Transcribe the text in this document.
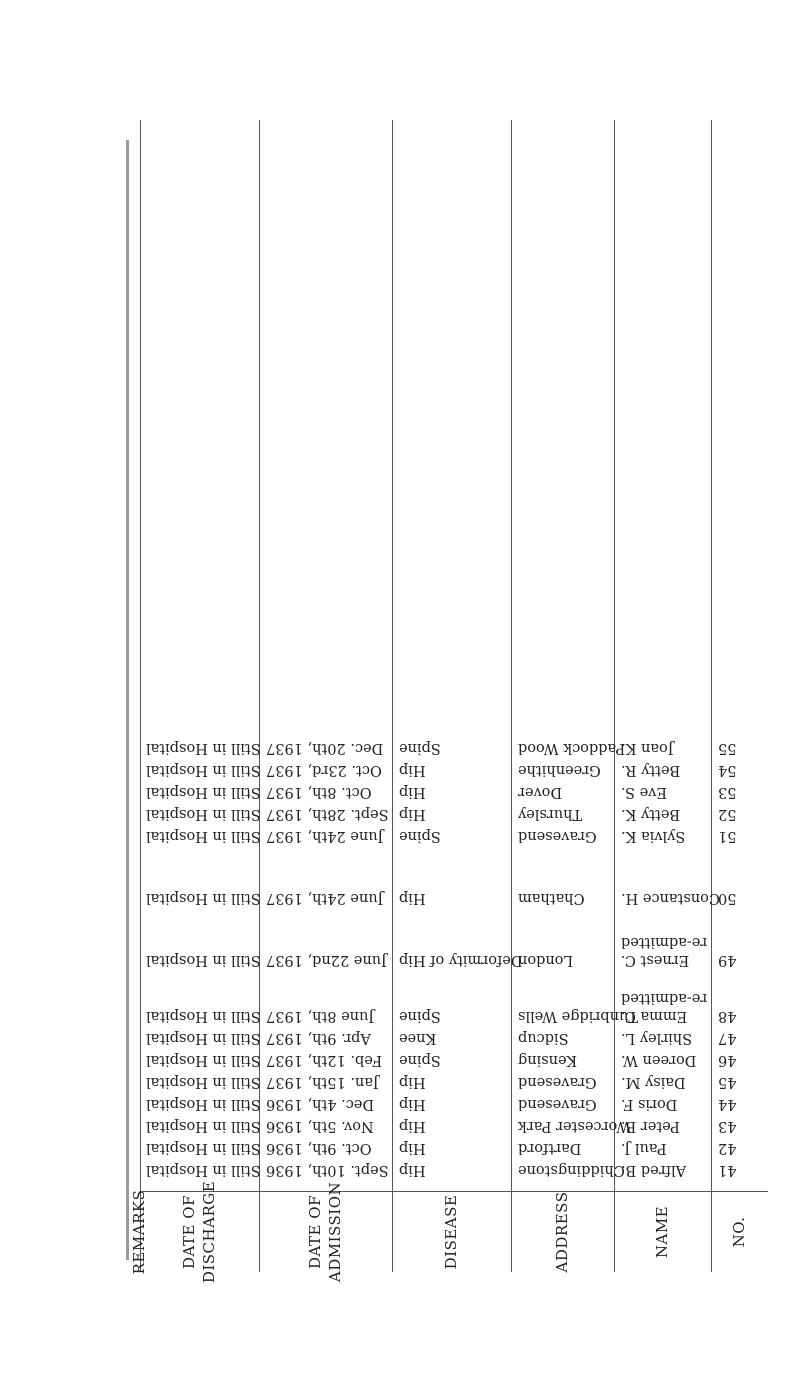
REMARKS
Still in Hospital
Still in Hospital
Still in Hospital
Still in Hospital
Still in Hospital
Still in Hospital
Still in Hospital
Still in Hospital
Still in Hospital
Still in Hospital
Still in Hospital
Still in Hospital
Still in Hospital
Still in Hospital
Still in Hospital
DATE OF
DISCHARGE	DATE OF
ADMISSION
Sept. 10th, 1936
Oct. 9th, 1936
Nov. 5th, 1936
Dec. 4th, 1936
Jan. 15th, 1937
Feb. 12th, 1937
Apr. 9th, 1937
June 8th, 1937
June 22nd, 1937
June 24th, 1937
June 24th, 1937
Sept. 28th, 1937
Oct. 8th, 1937
Oct. 23rd, 1937
Dec. 20th, 1937
DISEASE
Hip
Hip
Hip
Hip
Hip
Spine
Knee
Spine
Deformity of Hip
Hip
Spine
Hip
Hip
Hip
Spine
ADDRESS
Chiddingstone
Dartford
Worcester Park
Gravesend
Gravesend
Kensing
Sidcup
Tunbridge Wells
London
Chatham
Gravesend
Thursley
Dover
Greenhithe
Paddock Wood
NAME
Alfred B.
Paul J.
Peter B.
Doris F.
Daisy M.
Doreen W.
Shirley L.
Emma C.
re-admitted
Ernest C.
re-admitted
Constance H.
Sylvia K.
Betty K.
Eve S.
Betty R.
Joan K.
NO.
41
42
43
44
45
46
47
48
49
50
51
52
53
54
55
